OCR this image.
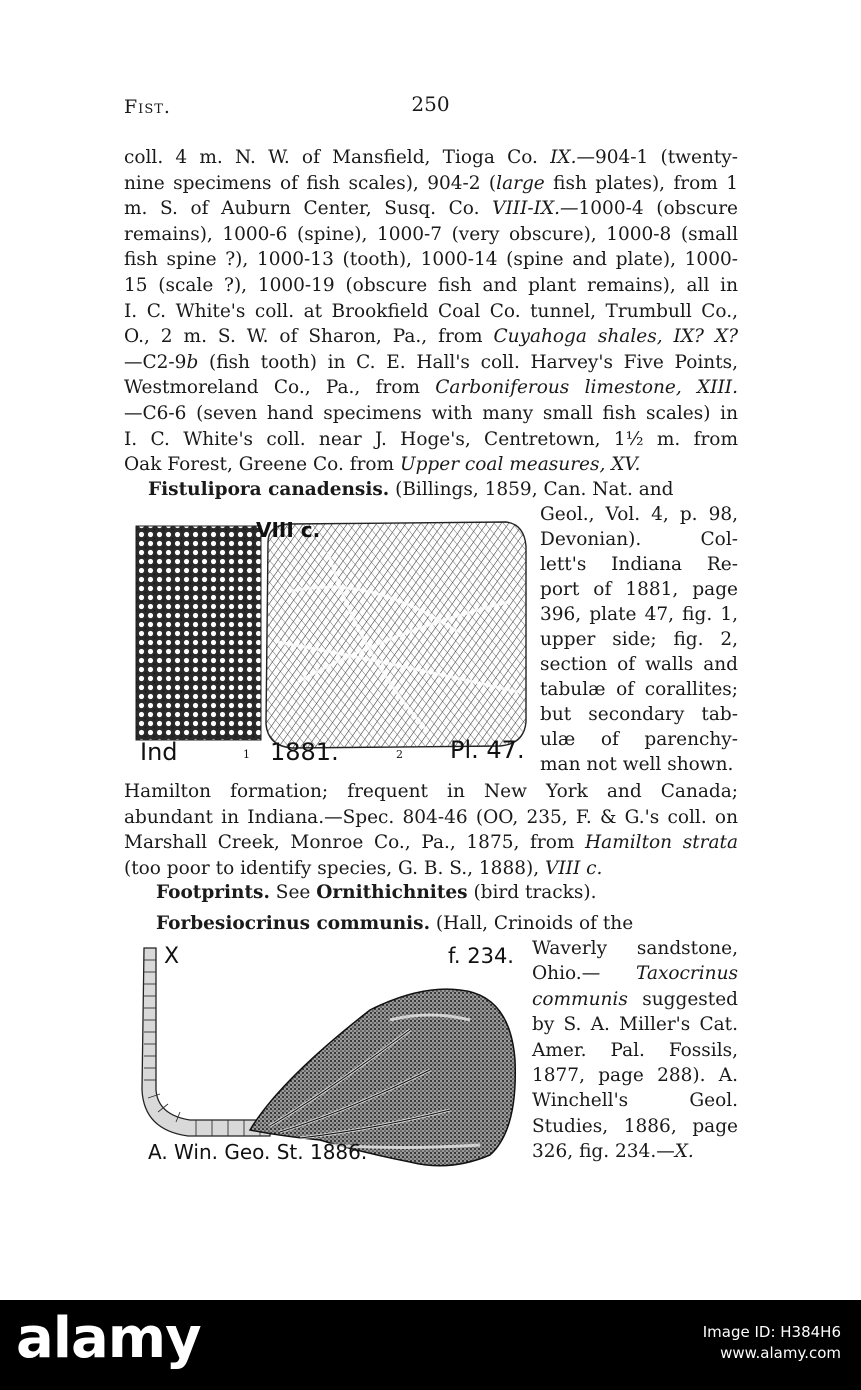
Fist.	250
coll. 4 m. N. W. of Mansfield, Tioga Co. IX.—904-1 (twenty-
nine specimens of fish scales), 904-2 (large fish plates), from 1
m. S. of Auburn Center, Susq. Co. VIII-IX.—1000-4 (obscure
remains), 1000-6 (spine), 1000-7 (very obscure), 1000-8 (small
fish spine ?), 1000-13 (tooth), 1000-14 (spine and plate), 1000-
15 (scale ?), 1000-19 (obscure fish and plant remains), all in
I. C. White's coll. at Brookfield Coal Co. tunnel, Trumbull Co.,
O., 2 m. S. W. of Sharon, Pa., from Cuyahoga shales, IX? X?
—C2-9b (fish tooth) in C. E. Hall's coll. Harvey's Five Points,
Westmoreland Co., Pa., from Carboniferous limestone, XIII.
—C6-6 (seven hand specimens with many small fish scales) in
I. C. White's coll. near J. Hoge's, Centretown, 1½ m. from
Oak Forest, Greene Co. from Upper coal measures, XV.
Fistulipora canadensis. (Billings, 1859, Can. Nat. and
VIII c.
Ind	1 1881.	2 Pl. 47.
Geol., Vol. 4, p. 98,
Devonian). Col-
lett's Indiana Re-
port of 1881, page
396, plate 47, fig. 1,
upper side; fig. 2,
section of walls and
tabulæ of corallites;
but secondary tab-
ulæ of parenchy-
man not well shown.
Hamilton formation; frequent in New York and Canada;
abundant in Indiana.—Spec. 804-46 (OO, 235, F. & G.'s coll. on
Marshall Creek, Monroe Co., Pa., 1875, from Hamilton strata
(too poor to identify species, G. B. S., 1888), VIII c.
Footprints. See Ornithichnites (bird tracks).
Forbesiocrinus communis. (Hall, Crinoids of the
X	f. 234.
A. Win. Geo. St. 1886.
Waverly sandstone,
Ohio.— Taxocrinus
communis suggested
by S. A. Miller's Cat.
Amer. Pal. Fossils,
1877, page 288). A.
Winchell's Geol.
Studies, 1886, page
326, fig. 234.—X.
alamy	Image ID: H384H6
www.alamy.com
